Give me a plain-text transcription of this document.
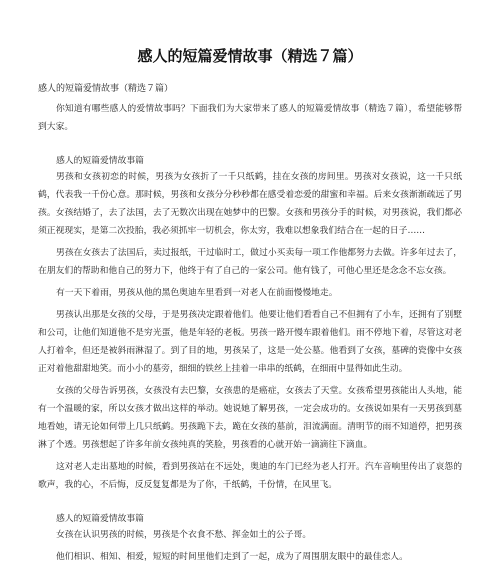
感人的短篇爱情故事（精选７篇）

感人的短篇爱情故事（精选７篇）

你知道有哪些感人的爱情故事吗？下面我们为大家带来了感人的短篇爱情故事（精选７篇），希望能够帮到大家。

感人的短篇爱情故事篇

男孩和女孩初恋的时候，男孩为女孩折了一千只纸鹤，挂在女孩的房间里。男孩对女孩说，这一千只纸鹤，代表我一千份心意。那时候，男孩和女孩分分秒秒都在感受着恋爱的甜蜜和幸福。后来女孩渐渐疏远了男孩。女孩结婚了，去了法国，去了无数次出现在她梦中的巴黎。女孩和男孩分手的时候，对男孩说，我们都必须正视现实，是第二次投胎，我必须抓牢一切机会，你太穷，我难以想象我们结合在一起的日子……

男孩在女孩去了法国后，卖过报纸，干过临时工，做过小买卖每一项工作他都努力去做。许多年过去了，在朋友们的帮助和他自己的努力下，他终于有了自己的一家公司。他有钱了，可他心里还是念念不忘女孩。

有一天下着雨，男孩从他的黑色奥迪车里看到一对老人在前面慢慢地走。

男孩认出那是女孩的父母，于是男孩决定跟着他们。他要让他们看看自己不但拥有了小车，还拥有了别墅和公司，让他们知道他不是穷光蛋，他是年轻的老板。男孩一路开慢车跟着他们。雨不停地下着，尽管这对老人打着伞，但还是被斜雨淋湿了。到了目的地，男孩呆了，这是一处公墓。他看到了女孩，墓碑的瓷像中女孩正对着他甜甜地笑。而小小的墓旁，细细的铁丝上挂着一串串的纸鹤，在细雨中显得如此生动。

女孩的父母告诉男孩，女孩没有去巴黎，女孩患的是癌症，女孩去了天堂。女孩希望男孩能出人头地，能有一个温暖的家，所以女孩才做出这样的举动。她说她了解男孩，一定会成功的。女孩说如果有一天男孩到墓地看她，请无论如何带上几只纸鹤。男孩跪下去，跪在女孩的墓前，泪流满面。清明节的雨不知道停，把男孩淋了个透。男孩想起了许多年前女孩纯真的笑脸，男孩看的心就开始一滴滴往下滴血。

这对老人走出墓地的时候，看到男孩站在不远处，奥迪的车门已经为老人打开。汽车音响里传出了哀怨的歌声，我的心，不后悔，反反复复都是为了你，千纸鹤，千份情，在风里飞。

感人的短篇爱情故事篇

女孩在认识男孩的时候，男孩是个衣食不愁、挥金如土的公子哥。

他们相识、相知、相爱，短短的时间里他们走到了一起，成为了周围朋友眼中的最佳恋人。
